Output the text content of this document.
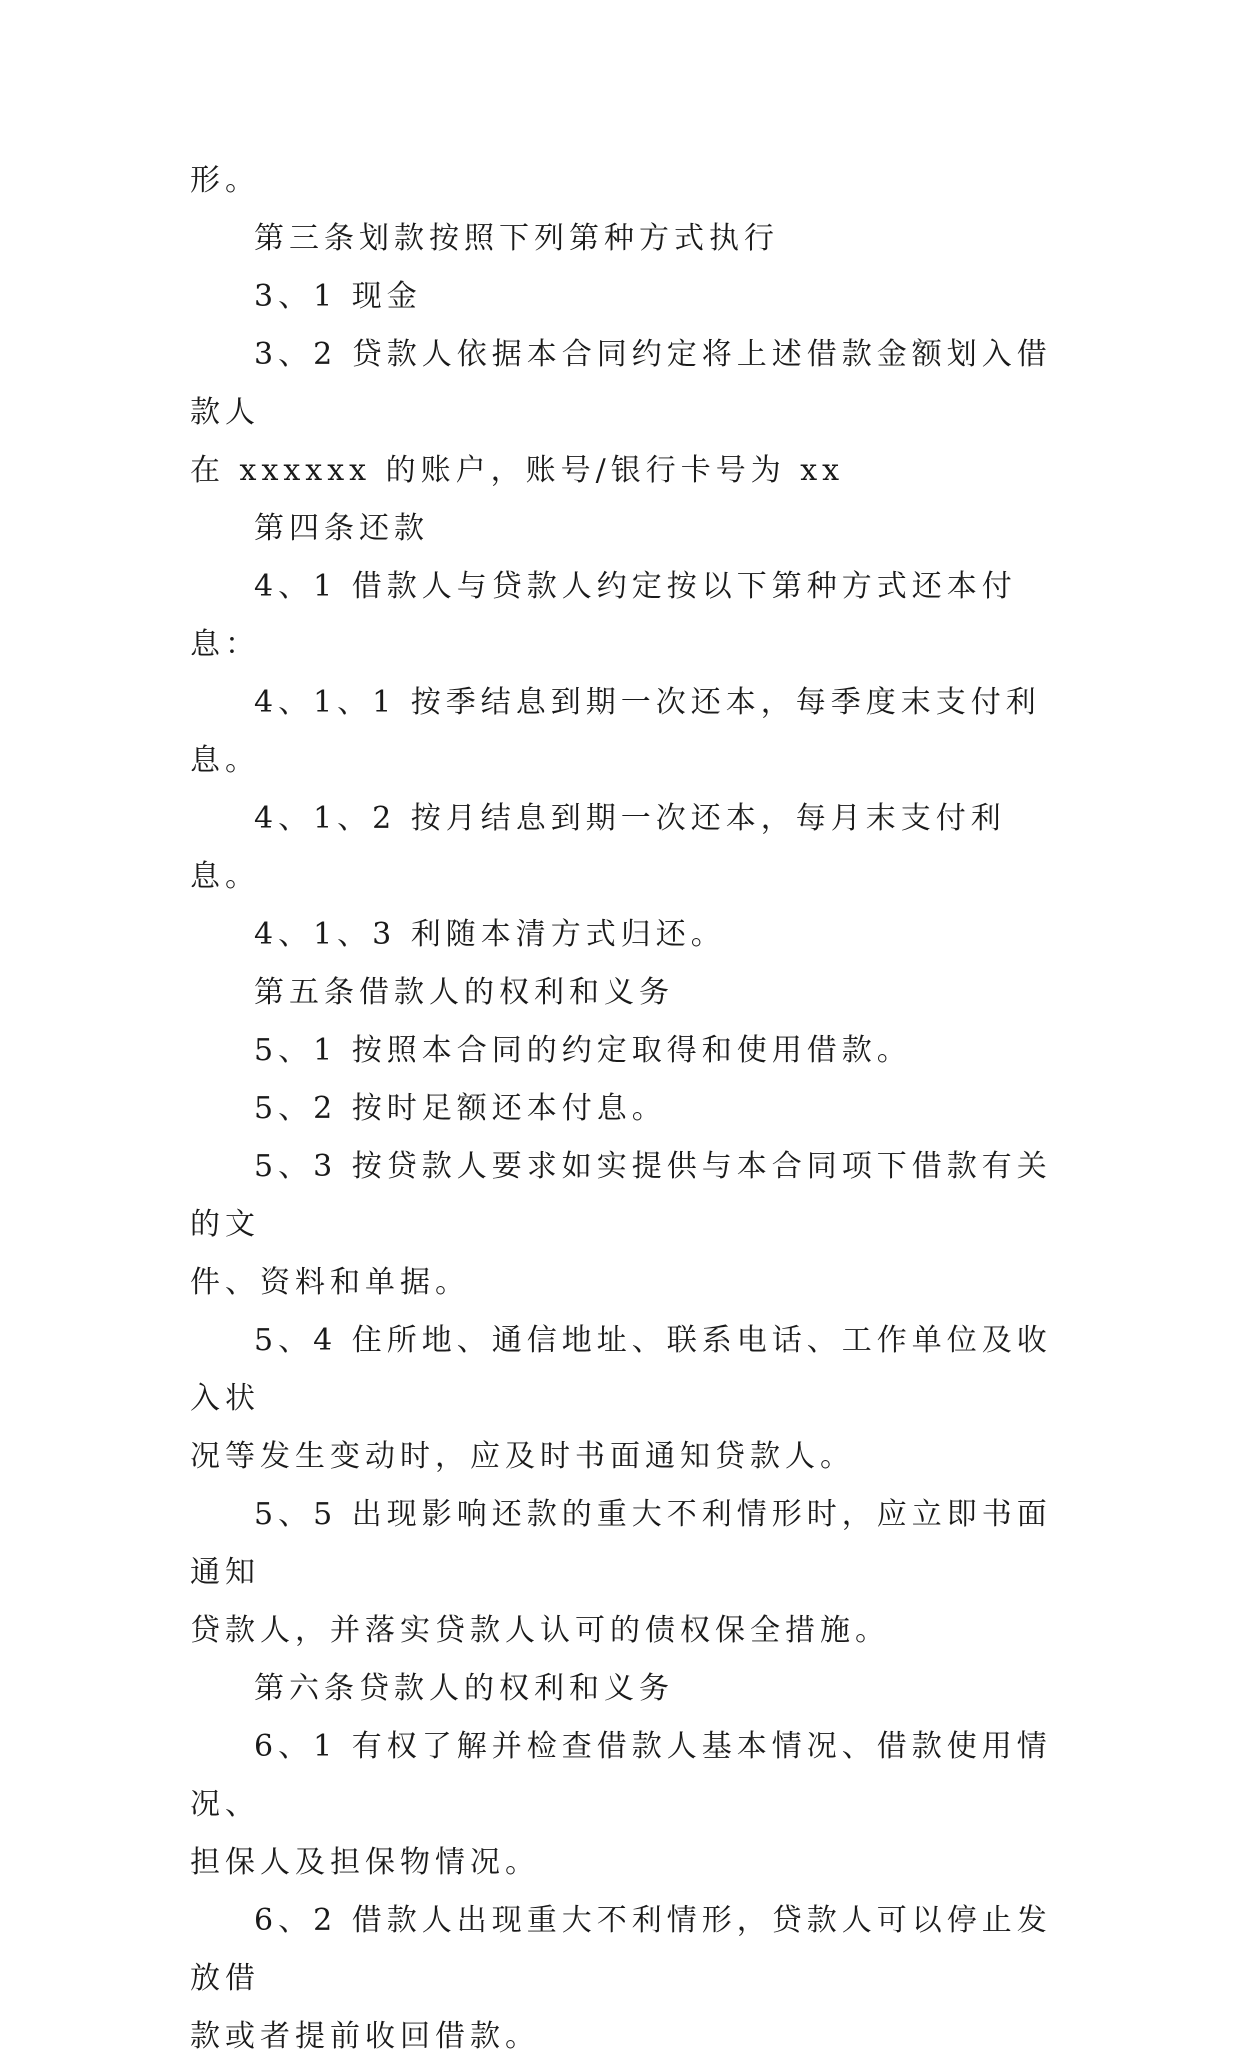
形。

第三条划款按照下列第种方式执行

3、1 现金

3、2 贷款人依据本合同约定将上述借款金额划入借款人

在 xxxxxx 的账户，账号/银行卡号为 xx

第四条还款

4、1 借款人与贷款人约定按以下第种方式还本付息：

4、1、1 按季结息到期一次还本，每季度末支付利息。

4、1、2 按月结息到期一次还本，每月末支付利息。

4、1、3 利随本清方式归还。

第五条借款人的权利和义务

5、1 按照本合同的约定取得和使用借款。

5、2 按时足额还本付息。

5、3 按贷款人要求如实提供与本合同项下借款有关的文

件、资料和单据。

5、4 住所地、通信地址、联系电话、工作单位及收入状

况等发生变动时，应及时书面通知贷款人。

5、5 出现影响还款的重大不利情形时，应立即书面通知

贷款人，并落实贷款人认可的债权保全措施。

第六条贷款人的权利和义务

6、1 有权了解并检查借款人基本情况、借款使用情况、

担保人及担保物情况。

6、2 借款人出现重大不利情形，贷款人可以停止发放借

款或者提前收回借款。
